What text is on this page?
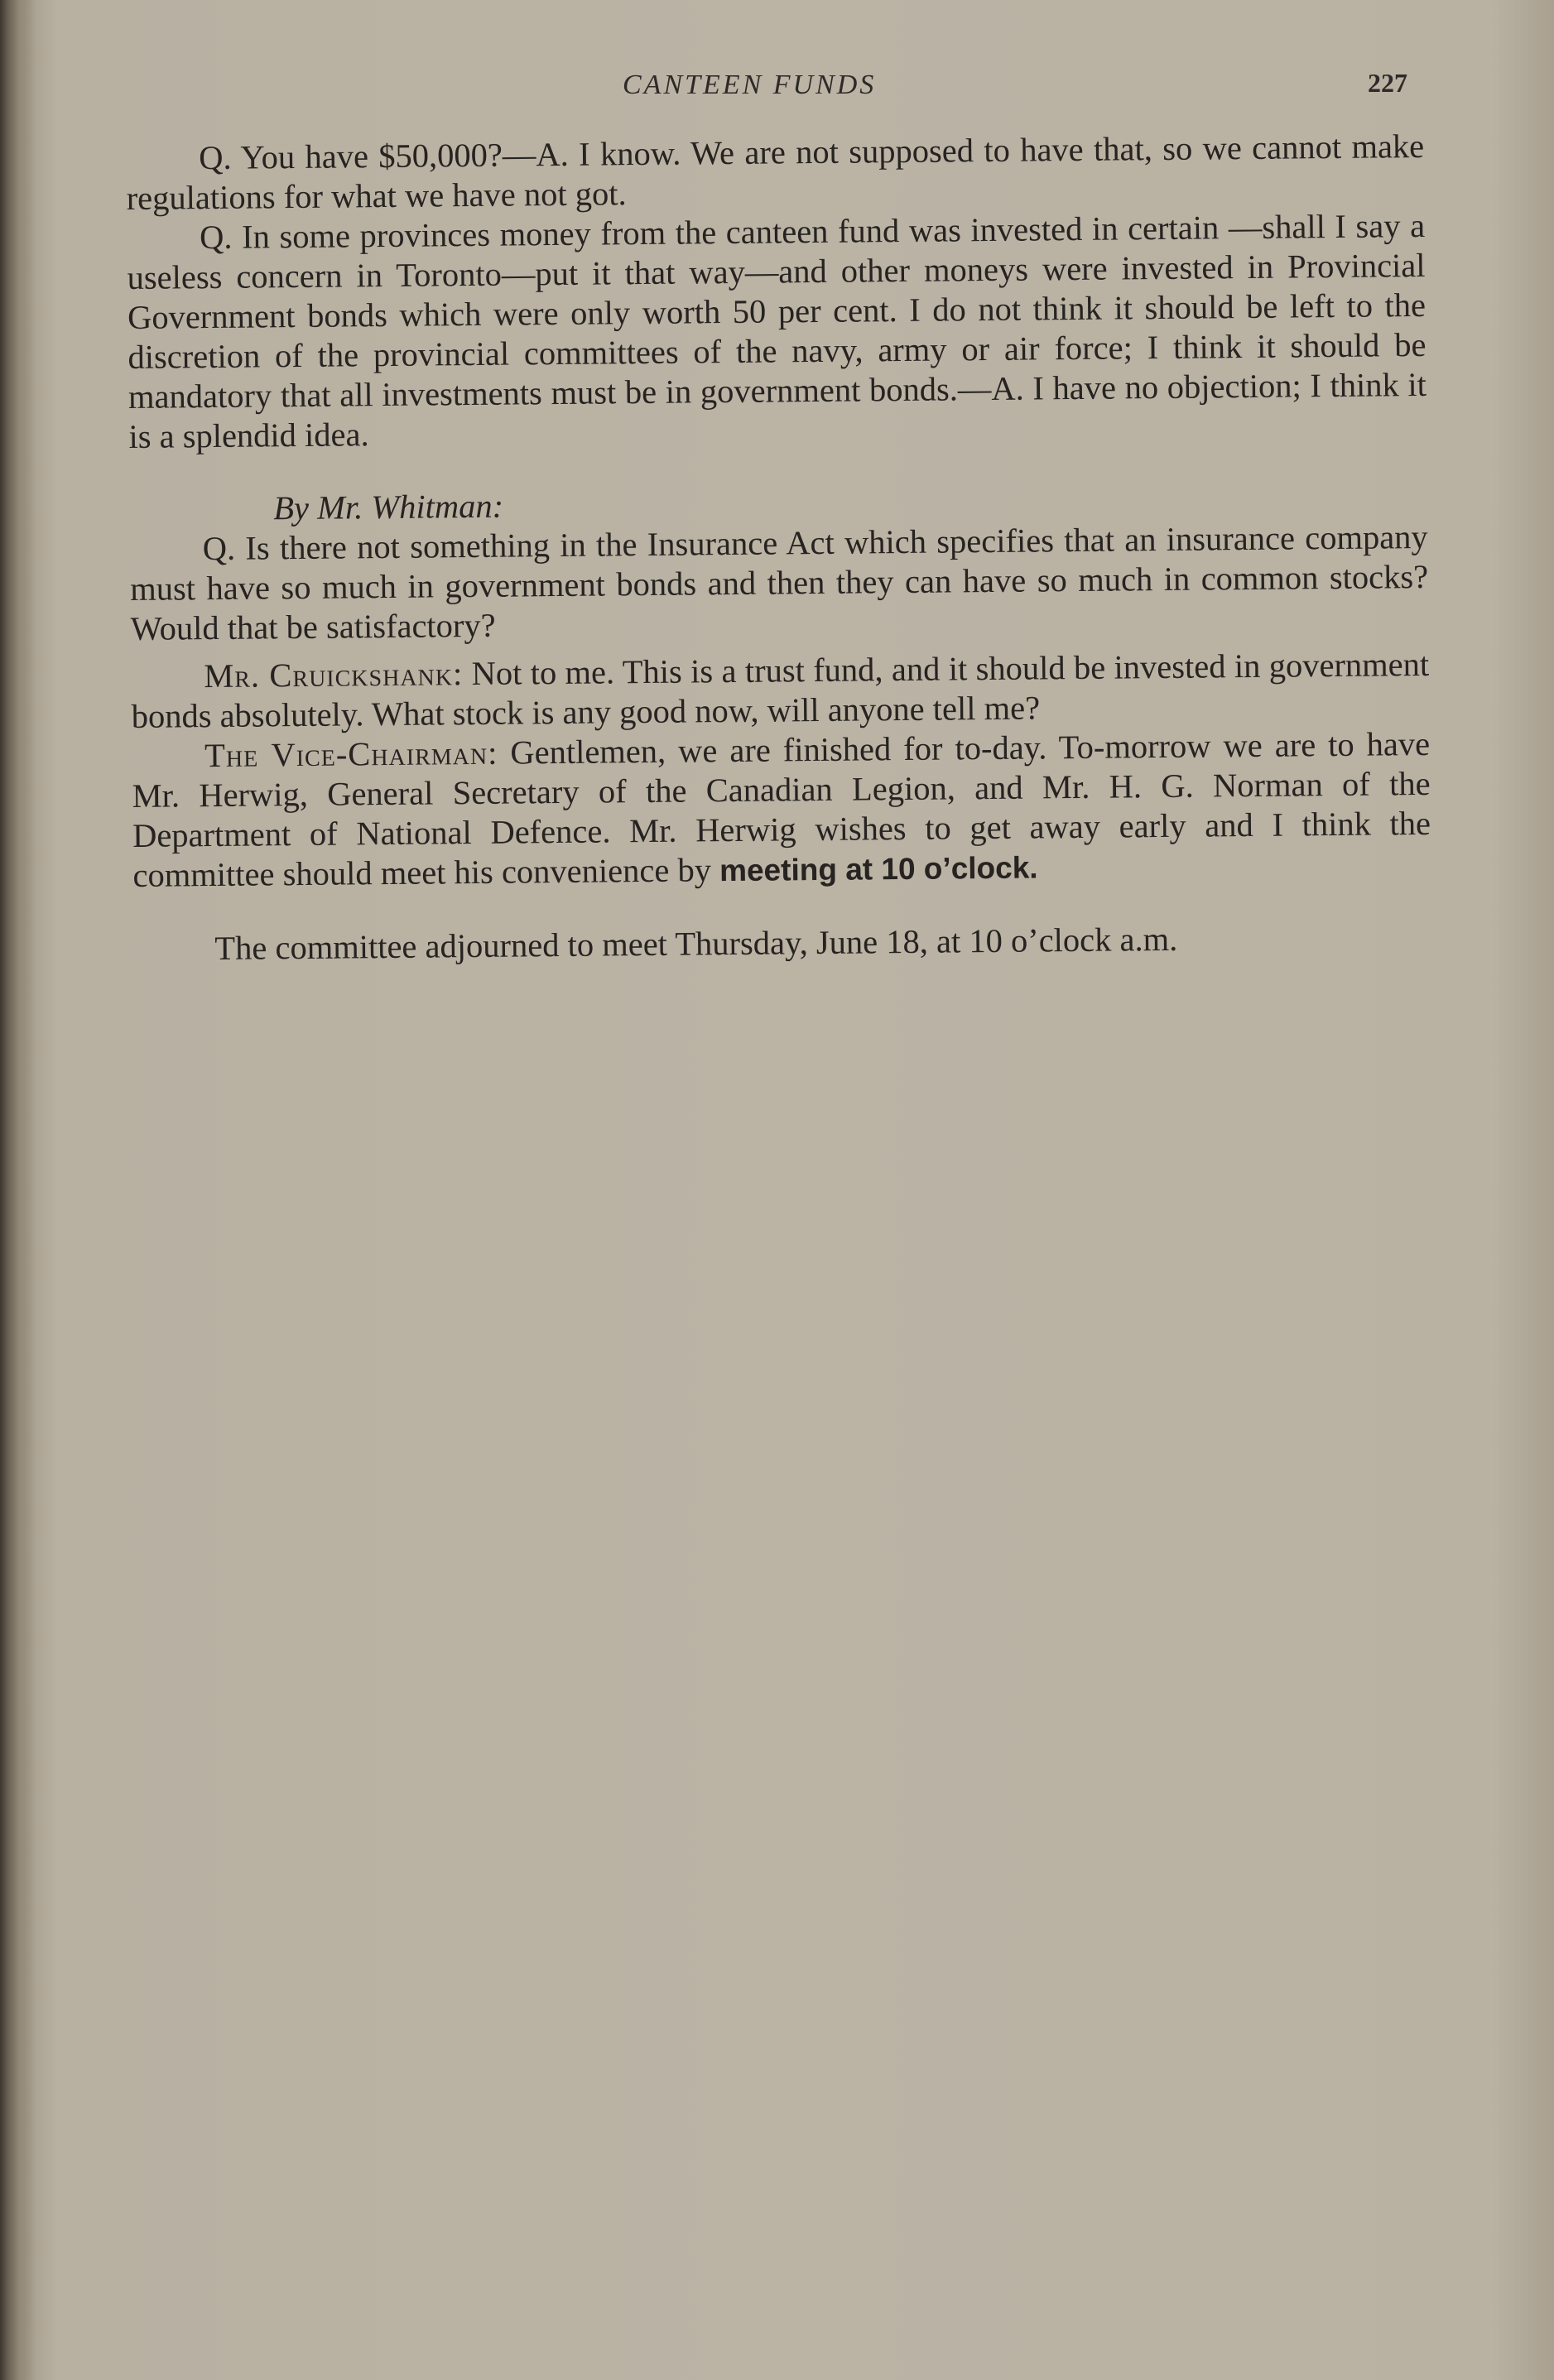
CANTEEN FUNDS	227

Q. You have $50,000?—A. I know. We are not supposed to have that, so we cannot make regulations for what we have not got.

Q. In some provinces money from the canteen fund was invested in certain —shall I say a useless concern in Toronto—put it that way—and other moneys were invested in Provincial Government bonds which were only worth 50 per cent. I do not think it should be left to the discretion of the provincial committees of the navy, army or air force; I think it should be mandatory that all investments must be in government bonds.—A. I have no objection; I think it is a splendid idea.

By Mr. Whitman:

Q. Is there not something in the Insurance Act which specifies that an insurance company must have so much in government bonds and then they can have so much in common stocks? Would that be satisfactory?

Mr. Cruickshank: Not to me. This is a trust fund, and it should be invested in government bonds absolutely. What stock is any good now, will anyone tell me?

The Vice-Chairman: Gentlemen, we are finished for to-day. To-morrow we are to have Mr. Herwig, General Secretary of the Canadian Legion, and Mr. H. G. Norman of the Department of National Defence. Mr. Herwig wishes to get away early and I think the committee should meet his convenience by meeting at 10 o’clock.

The committee adjourned to meet Thursday, June 18, at 10 o’clock a.m.
